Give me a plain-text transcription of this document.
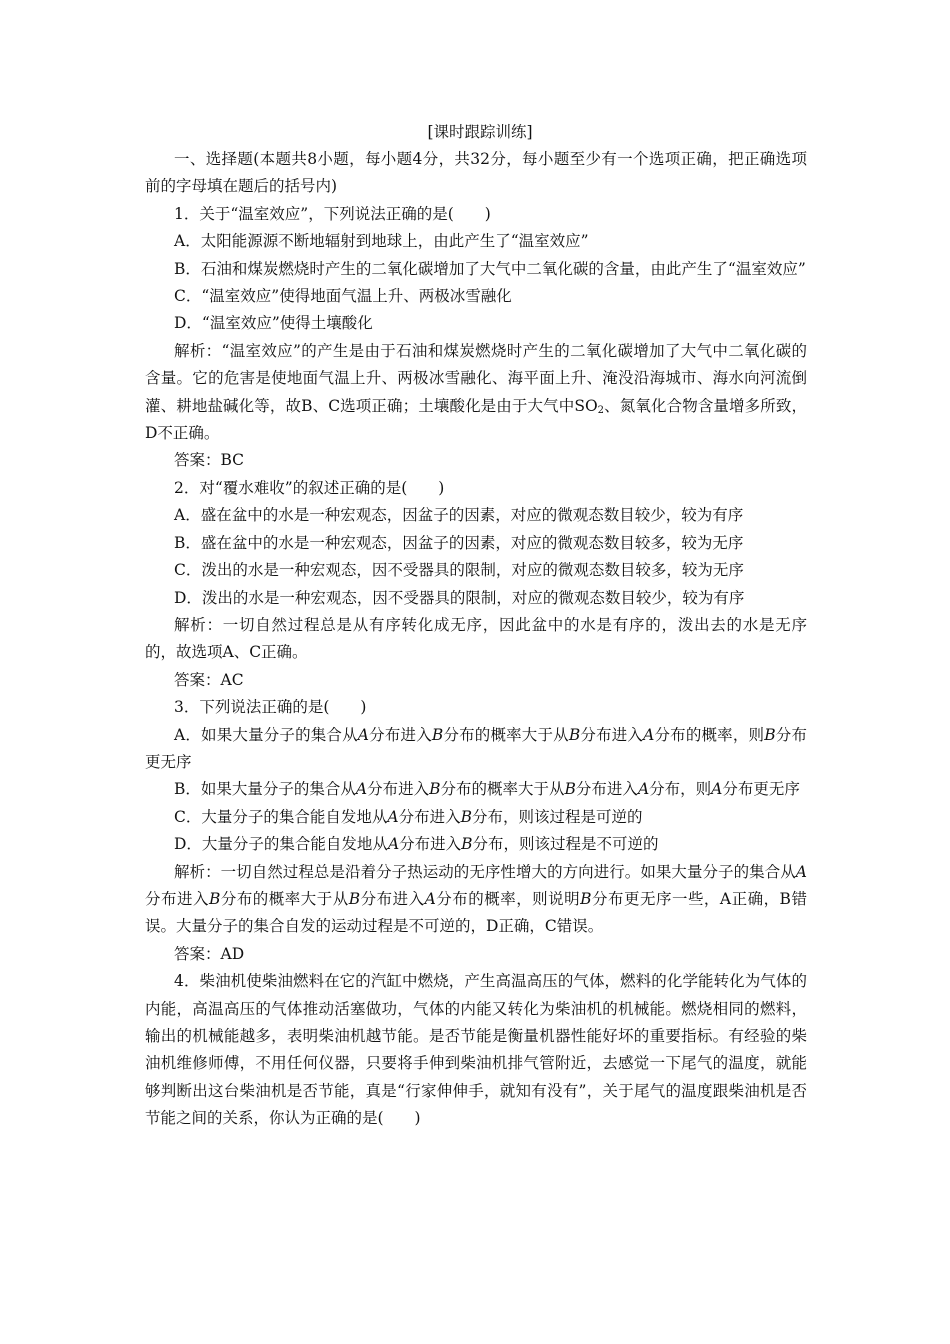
[课时跟踪训练]

一、选择题(本题共8小题，每小题4分，共32分，每小题至少有一个选项正确，把正确选项前的字母填在题后的括号内)

1．关于“温室效应”，下列说法正确的是(　　)

A．太阳能源源不断地辐射到地球上，由此产生了“温室效应”

B．石油和煤炭燃烧时产生的二氧化碳增加了大气中二氧化碳的含量，由此产生了“温室效应”

C．“温室效应”使得地面气温上升、两极冰雪融化

D．“温室效应”使得土壤酸化

解析：“温室效应”的产生是由于石油和煤炭燃烧时产生的二氧化碳增加了大气中二氧化碳的含量。它的危害是使地面气温上升、两极冰雪融化、海平面上升、淹没沿海城市、海水向河流倒灌、耕地盐碱化等，故B、C选项正确；土壤酸化是由于大气中$SO_2$、氮氧化合物含量增多所致，D不正确。

答案：BC

2．对“覆水难收”的叙述正确的是(　　)

A．盛在盆中的水是一种宏观态，因盆子的因素，对应的微观态数目较少，较为有序

B．盛在盆中的水是一种宏观态，因盆子的因素，对应的微观态数目较多，较为无序

C．泼出的水是一种宏观态，因不受器具的限制，对应的微观态数目较多，较为无序

D．泼出的水是一种宏观态，因不受器具的限制，对应的微观态数目较少，较为有序

解析：一切自然过程总是从有序转化成无序，因此盆中的水是有序的，泼出去的水是无序的，故选项A、C正确。

答案：AC

3．下列说法正确的是(　　)

A．如果大量分子的集合从A分布进入B分布的概率大于从B分布进入A分布的概率，则B分布更无序

B．如果大量分子的集合从A分布进入B分布的概率大于从B分布进入A分布，则A分布更无序

C．大量分子的集合能自发地从A分布进入B分布，则该过程是可逆的

D．大量分子的集合能自发地从A分布进入B分布，则该过程是不可逆的

解析：一切自然过程总是沿着分子热运动的无序性增大的方向进行。如果大量分子的集合从A分布进入B分布的概率大于从B分布进入A分布的概率，则说明B分布更无序一些，A正确，B错误。大量分子的集合自发的运动过程是不可逆的，D正确，C错误。

答案：AD

4．柴油机使柴油燃料在它的汽缸中燃烧，产生高温高压的气体，燃料的化学能转化为气体的内能，高温高压的气体推动活塞做功，气体的内能又转化为柴油机的机械能。燃烧相同的燃料，输出的机械能越多，表明柴油机越节能。是否节能是衡量机器性能好坏的重要指标。有经验的柴油机维修师傅，不用任何仪器，只要将手伸到柴油机排气管附近，去感觉一下尾气的温度，就能够判断出这台柴油机是否节能，真是“行家伸伸手，就知有没有”，关于尾气的温度跟柴油机是否节能之间的关系，你认为正确的是(　　)
